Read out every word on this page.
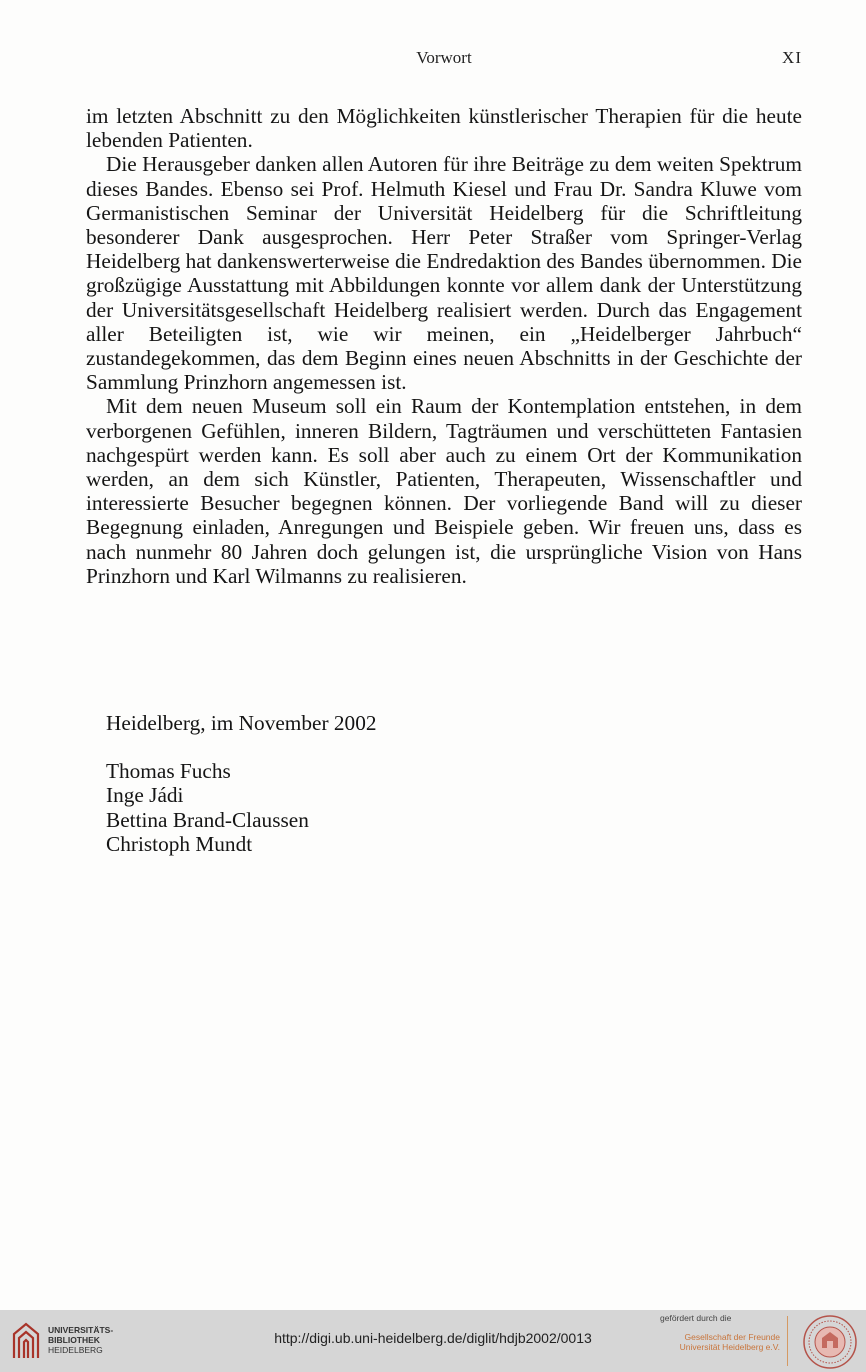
Vorwort	XI

im letzten Abschnitt zu den Möglichkeiten künstlerischer Therapien für die heute lebenden Patienten.

Die Herausgeber danken allen Autoren für ihre Beiträge zu dem weiten Spektrum dieses Bandes. Ebenso sei Prof. Helmuth Kiesel und Frau Dr. Sandra Kluwe vom Germanistischen Seminar der Universität Heidelberg für die Schriftleitung besonderer Dank ausgesprochen. Herr Peter Straßer vom Springer-Verlag Heidelberg hat dankenswerterweise die Endredaktion des Bandes übernommen. Die großzügige Ausstattung mit Abbildungen konnte vor allem dank der Unterstützung der Universitätsgesellschaft Heidelberg realisiert werden. Durch das Engagement aller Beteiligten ist, wie wir meinen, ein „Heidelberger Jahrbuch“ zustandegekommen, das dem Beginn eines neuen Abschnitts in der Geschichte der Sammlung Prinzhorn angemessen ist.

Mit dem neuen Museum soll ein Raum der Kontemplation entstehen, in dem verborgenen Gefühlen, inneren Bildern, Tagträumen und verschütteten Fantasien nachgespürt werden kann. Es soll aber auch zu einem Ort der Kommunikation werden, an dem sich Künstler, Patienten, Therapeuten, Wissenschaftler und interessierte Besucher begegnen können. Der vorliegende Band will zu dieser Begegnung einladen, Anregungen und Beispiele geben. Wir freuen uns, dass es nach nunmehr 80 Jahren doch gelungen ist, die ursprüngliche Vision von Hans Prinzhorn und Karl Wilmanns zu realisieren.

Heidelberg, im November 2002
Thomas Fuchs
Inge Jádi
Bettina Brand-Claussen
Christoph Mundt
UNIVERSITÄTS-
BIBLIOTHEK
HEIDELBERG
http://digi.ub.uni-heidelberg.de/diglit/hdjb2002/0013
gefördert durch die
Gesellschaft der Freunde
Universität Heidelberg e.V.
